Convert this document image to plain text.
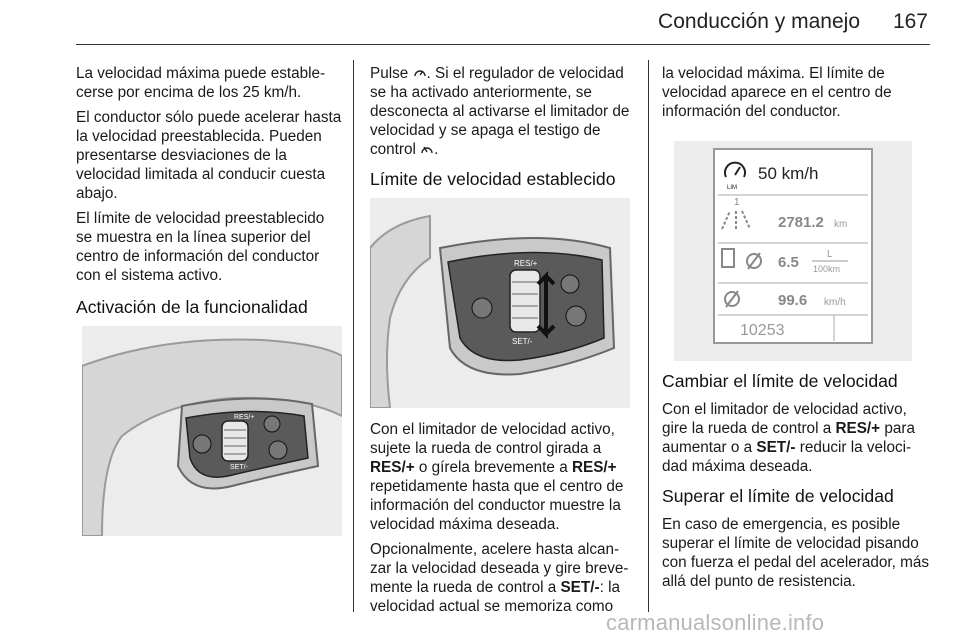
Conducción y manejo	167

La velocidad máxima puede estable-cerse por encima de los 25 km/h.

El conductor sólo puede acelerar hasta la velocidad preestablecida. Pueden presentarse desviaciones de la velocidad limitada al conducir cuesta abajo.

El límite de velocidad preestablecido se muestra en la línea superior del centro de información del conductor con el sistema activo.

Activación de la funcionalidad
RES/+
SET/-

Pulse . Si el regulador de velocidad se ha activado anteriormente, se desconecta al activarse el limitador de velocidad y se apaga el testigo de control .

Límite de velocidad establecido
RES/+
SET/-

Con el limitador de velocidad activo, sujete la rueda de control girada a RES/+ o gírela brevemente a RES/+ repetidamente hasta que el centro de información del conductor muestre la velocidad máxima deseada.

Opcionalmente, acelere hasta alcan-zar la velocidad deseada y gire breve-mente la rueda de control a SET/-: la velocidad actual se memoriza como

la velocidad máxima. El límite de velocidad aparece en el centro de información del conductor.

LIM
50 km/h
1
2781.2 km
6.5	L
100km
99.6 km/h
10253
Cambiar el límite de velocidad

Con el limitador de velocidad activo, gire la rueda de control a RES/+ para aumentar o a SET/- reducir la veloci-dad máxima deseada.

Superar el límite de velocidad

En caso de emergencia, es posible superar el límite de velocidad pisando con fuerza el pedal del acelerador, más allá del punto de resistencia.

carmanualsonline.info
